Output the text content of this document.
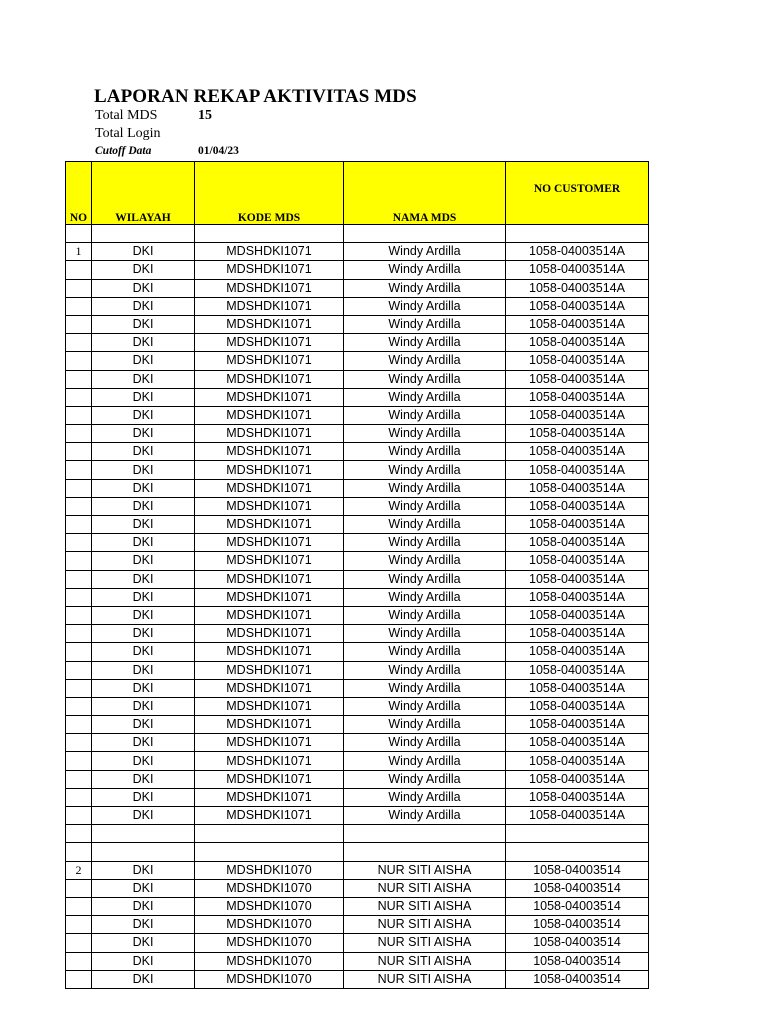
LAPORAN REKAP AKTIVITAS MDS
Total MDS	15
Total Login
Cutoff Data	01/04/23
NO	WILAYAH	KODE MDS	NAMA MDS	NO CUSTOMER

1	DKI	MDSHDKI1071	Windy Ardilla	1058-04003514A
	DKI	MDSHDKI1071	Windy Ardilla	1058-04003514A
	DKI	MDSHDKI1071	Windy Ardilla	1058-04003514A
	DKI	MDSHDKI1071	Windy Ardilla	1058-04003514A
	DKI	MDSHDKI1071	Windy Ardilla	1058-04003514A
	DKI	MDSHDKI1071	Windy Ardilla	1058-04003514A
	DKI	MDSHDKI1071	Windy Ardilla	1058-04003514A
	DKI	MDSHDKI1071	Windy Ardilla	1058-04003514A
	DKI	MDSHDKI1071	Windy Ardilla	1058-04003514A
	DKI	MDSHDKI1071	Windy Ardilla	1058-04003514A
	DKI	MDSHDKI1071	Windy Ardilla	1058-04003514A
	DKI	MDSHDKI1071	Windy Ardilla	1058-04003514A
	DKI	MDSHDKI1071	Windy Ardilla	1058-04003514A
	DKI	MDSHDKI1071	Windy Ardilla	1058-04003514A
	DKI	MDSHDKI1071	Windy Ardilla	1058-04003514A
	DKI	MDSHDKI1071	Windy Ardilla	1058-04003514A
	DKI	MDSHDKI1071	Windy Ardilla	1058-04003514A
	DKI	MDSHDKI1071	Windy Ardilla	1058-04003514A
	DKI	MDSHDKI1071	Windy Ardilla	1058-04003514A
	DKI	MDSHDKI1071	Windy Ardilla	1058-04003514A
	DKI	MDSHDKI1071	Windy Ardilla	1058-04003514A
	DKI	MDSHDKI1071	Windy Ardilla	1058-04003514A
	DKI	MDSHDKI1071	Windy Ardilla	1058-04003514A
	DKI	MDSHDKI1071	Windy Ardilla	1058-04003514A
	DKI	MDSHDKI1071	Windy Ardilla	1058-04003514A
	DKI	MDSHDKI1071	Windy Ardilla	1058-04003514A
	DKI	MDSHDKI1071	Windy Ardilla	1058-04003514A
	DKI	MDSHDKI1071	Windy Ardilla	1058-04003514A
	DKI	MDSHDKI1071	Windy Ardilla	1058-04003514A
	DKI	MDSHDKI1071	Windy Ardilla	1058-04003514A
	DKI	MDSHDKI1071	Windy Ardilla	1058-04003514A
	DKI	MDSHDKI1071	Windy Ardilla	1058-04003514A

2	DKI	MDSHDKI1070	NUR SITI AISHA	1058-04003514
	DKI	MDSHDKI1070	NUR SITI AISHA	1058-04003514
	DKI	MDSHDKI1070	NUR SITI AISHA	1058-04003514
	DKI	MDSHDKI1070	NUR SITI AISHA	1058-04003514
	DKI	MDSHDKI1070	NUR SITI AISHA	1058-04003514
	DKI	MDSHDKI1070	NUR SITI AISHA	1058-04003514
	DKI	MDSHDKI1070	NUR SITI AISHA	1058-04003514
